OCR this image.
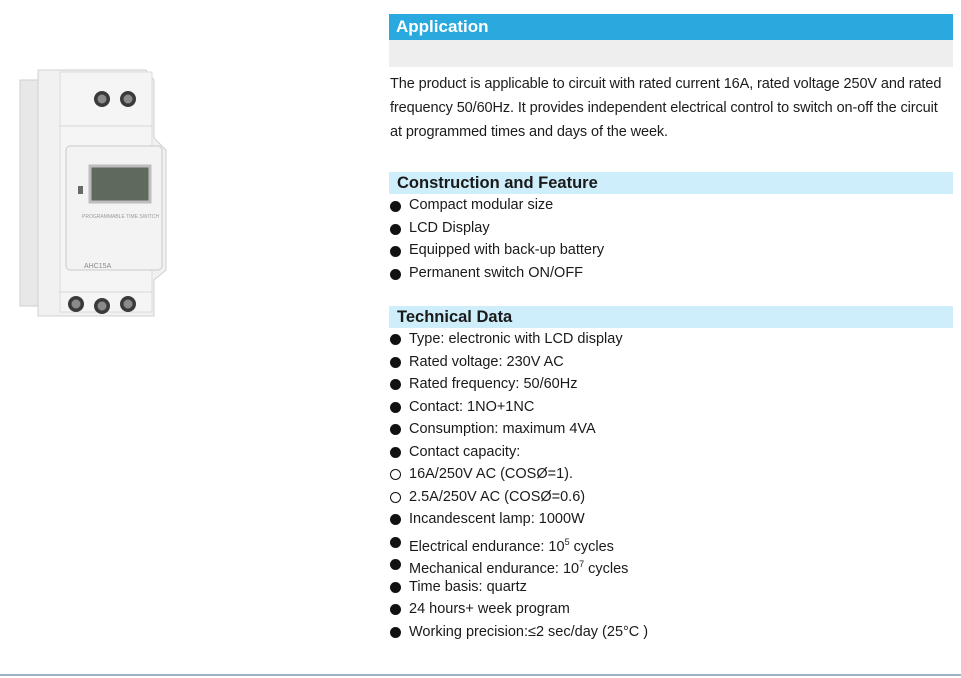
PROGRAMMABLE TIME SWITCH
AHC15A
Application

The product is applicable to circuit with rated current 16A, rated voltage 250V and rated frequency 50/60Hz. It provides independent electrical control to switch on-off the circuit at programmed times and days of the week.

Construction and Feature
Compact modular size
LCD Display
Equipped with back-up battery
Permanent switch ON/OFF
Technical Data
Type: electronic with LCD display
Rated voltage: 230V AC
Rated frequency: 50/60Hz
Contact: 1NO+1NC
Consumption: maximum 4VA
Contact capacity:
16A/250V AC (COSØ=1).
2.5A/250V AC (COSØ=0.6)
Incandescent lamp: 1000W
Electrical endurance: $10^5$ cycles
Mechanical endurance: $10^7$ cycles
Time basis: quartz
24 hours+ week program
Working precision:≤2 sec/day (25°C )
